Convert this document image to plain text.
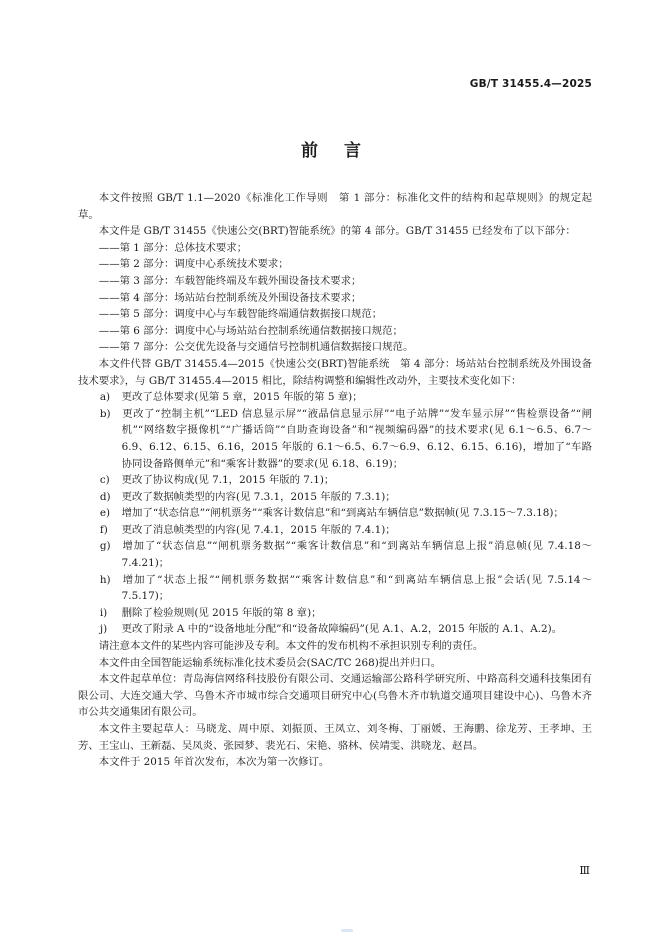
GB/T 31455.4—2025
前言

本文件按照 GB/T 1.1—2020《标准化工作导则　第 1 部分：标准化文件的结构和起草规则》的规定起草。

本文件是 GB/T 31455《快速公交(BRT)智能系统》的第 4 部分。GB/T 31455 已经发布了以下部分：

——第 1 部分：总体技术要求；

——第 2 部分：调度中心系统技术要求；

——第 3 部分：车载智能终端及车载外围设备技术要求；

——第 4 部分：场站站台控制系统及外围设备技术要求；

——第 5 部分：调度中心与车载智能终端通信数据接口规范；

——第 6 部分：调度中心与场站站台控制系统通信数据接口规范；

——第 7 部分：公交优先设备与交通信号控制机通信数据接口规范。

本文件代替 GB/T 31455.4—2015《快速公交(BRT)智能系统　第 4 部分：场站站台控制系统及外围设备技术要求》，与 GB/T 31455.4—2015 相比，除结构调整和编辑性改动外，主要技术变化如下：

a) 更改了总体要求(见第 5 章，2015 年版的第 5 章)；

b) 更改了“控制主机”“LED 信息显示屏”“液晶信息显示屏”“电子站牌”“发车显示屏”“售检票设备”“闸机”“网络数字摄像机”“广播话筒”“自助查询设备”和“视频编码器”的技术要求(见 6.1～6.5、6.7～6.9、6.12、6.15、6.16，2015 年版的 6.1～6.5、6.7～6.9、6.12、6.15、6.16)，增加了“车路协同设备路侧单元”和“乘客计数器”的要求(见 6.18、6.19)；

c) 更改了协议构成(见 7.1，2015 年版的 7.1)；

d) 更改了数据帧类型的内容(见 7.3.1，2015 年版的 7.3.1)；

e) 增加了“状态信息”“闸机票务”“乘客计数信息”和“到离站车辆信息”数据帧(见 7.3.15～7.3.18)；

f) 更改了消息帧类型的内容(见 7.4.1，2015 年版的 7.4.1)；

g) 增加了“状态信息”“闸机票务数据”“乘客计数信息”和“到离站车辆信息上报”消息帧(见 7.4.18～7.4.21)；

h) 增加了“状态上报”“闸机票务数据”“乘客计数信息”和“到离站车辆信息上报”会话(见 7.5.14～7.5.17)；

i) 删除了检验规则(见 2015 年版的第 8 章)；

j) 更改了附录 A 中的“设备地址分配”和“设备故障编码”(见 A.1、A.2，2015 年版的 A.1、A.2)。

请注意本文件的某些内容可能涉及专利。本文件的发布机构不承担识别专利的责任。

本文件由全国智能运输系统标准化技术委员会(SAC/TC 268)提出并归口。

本文件起草单位：青岛海信网络科技股份有限公司、交通运输部公路科学研究所、中路高科交通科技集团有限公司、大连交通大学、乌鲁木齐市城市综合交通项目研究中心(乌鲁木齐市轨道交通项目建设中心)、乌鲁木齐市公共交通集团有限公司。

本文件主要起草人：马晓龙、周中原、刘振顶、王凤立、刘冬梅、丁丽媛、王海鹏、徐龙芳、王孝坤、王芳、王宝山、王新磊、吴凤炎、张园梦、裴光石、宋艳、骆林、侯靖雯、洪晓龙、赵昌。

本文件于 2015 年首次发布，本次为第一次修订。

Ⅲ
